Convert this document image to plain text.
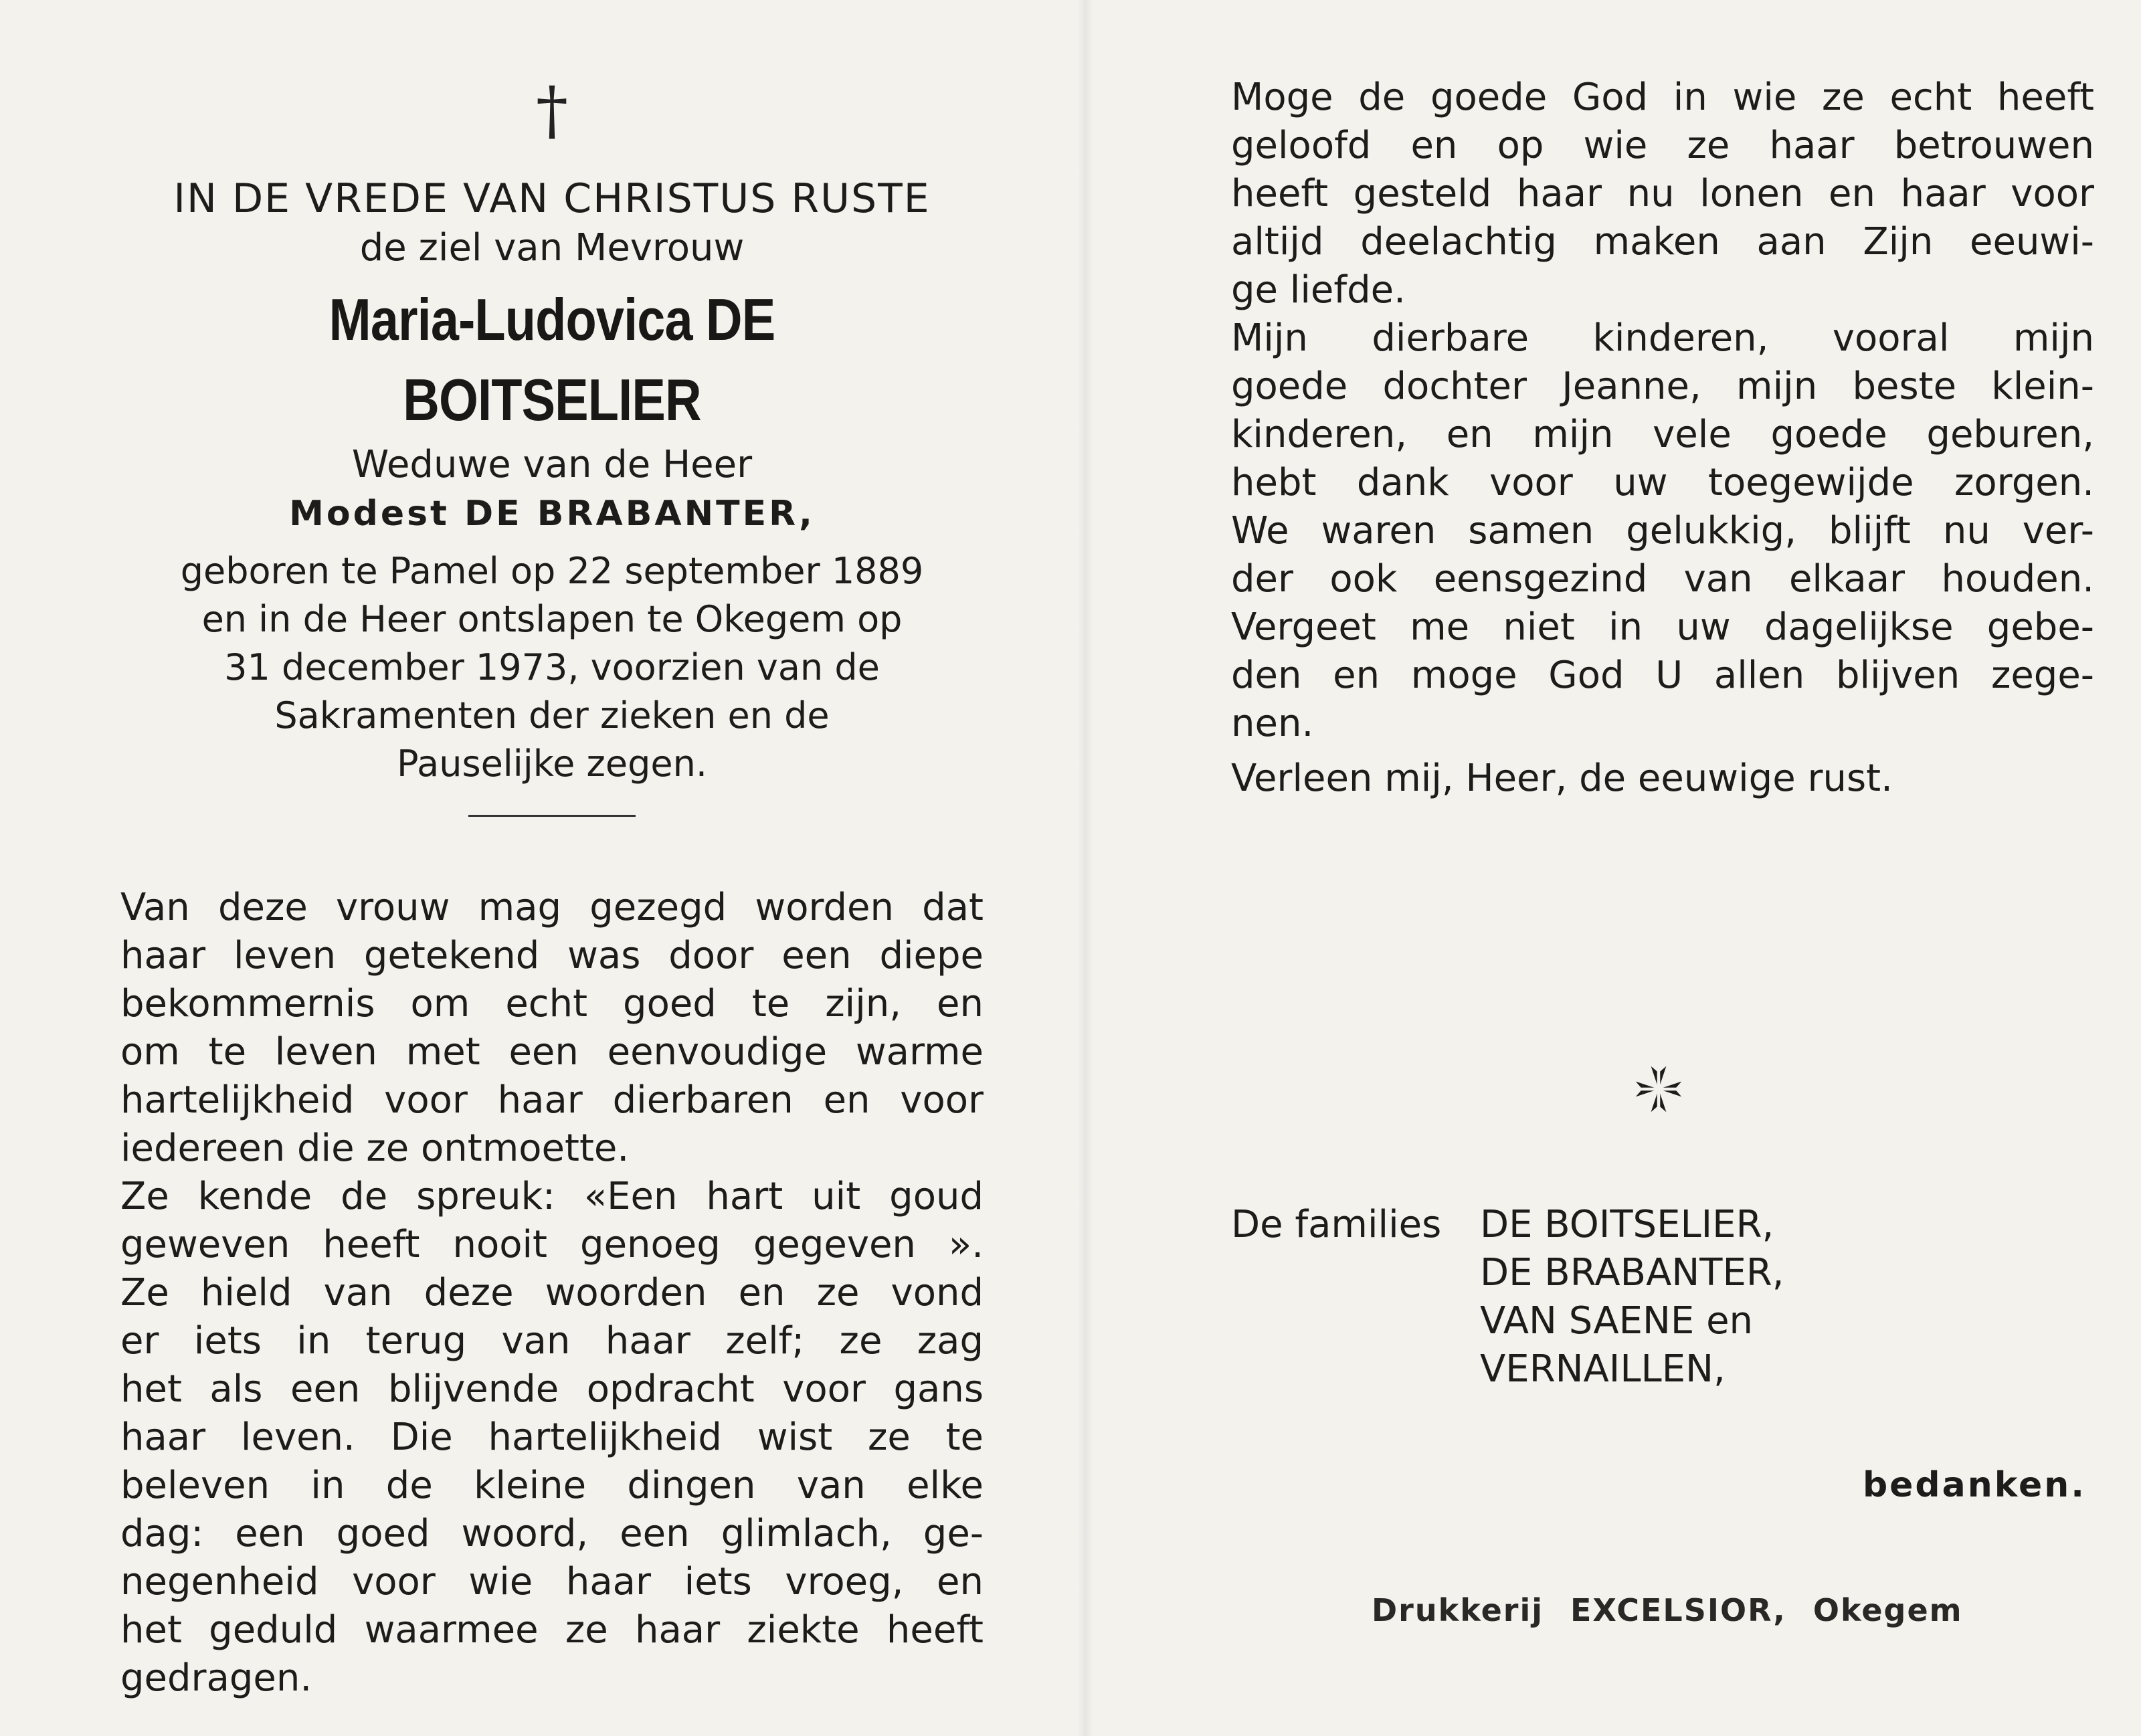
†
IN DE VREDE VAN CHRISTUS RUSTE
de ziel van Mevrouw
Maria-Ludovica DE BOITSELIER
Weduwe van de Heer
Modest DE BRABANTER,
geboren te Pamel op 22 september 1889
en in de Heer ontslapen te Okegem op
31 december 1973, voorzien van de
Sakramenten der zieken en de
Pauselijke zegen.
Van deze vrouw mag gezegd worden dat
haar leven getekend was door een diepe
bekommernis om echt goed te zijn, en
om te leven met een eenvoudige warme
hartelijkheid voor haar dierbaren en voor
iedereen die ze ontmoette.
Ze kende de spreuk: «Een hart uit goud
geweven heeft nooit genoeg gegeven ».
Ze hield van deze woorden en ze vond
er iets in terug van haar zelf; ze zag
het als een blijvende opdracht voor gans
haar leven. Die hartelijkheid wist ze te
beleven in de kleine dingen van elke
dag: een goed woord, een glimlach, ge-
negenheid voor wie haar iets vroeg, en
het geduld waarmee ze haar ziekte heeft
gedragen.
Moge de goede God in wie ze echt heeft
geloofd en op wie ze haar betrouwen
heeft gesteld haar nu lonen en haar voor
altijd deelachtig maken aan Zijn eeuwi-
ge liefde.
Mijn dierbare kinderen, vooral mijn
goede dochter Jeanne, mijn beste klein-
kinderen, en mijn vele goede geburen,
hebt dank voor uw toegewijde zorgen.
We waren samen gelukkig, blijft nu ver-
der ook eensgezind van elkaar houden.
Vergeet me niet in uw dagelijkse gebe-
den en moge God U allen blijven zege-
nen.
Verleen mij, Heer, de eeuwige rust.
De families DE BOITSELIER,
DE BRABANTER,
VAN SAENE en
VERNAILLEN,
bedanken.
Drukkerij EXCELSIOR, Okegem
